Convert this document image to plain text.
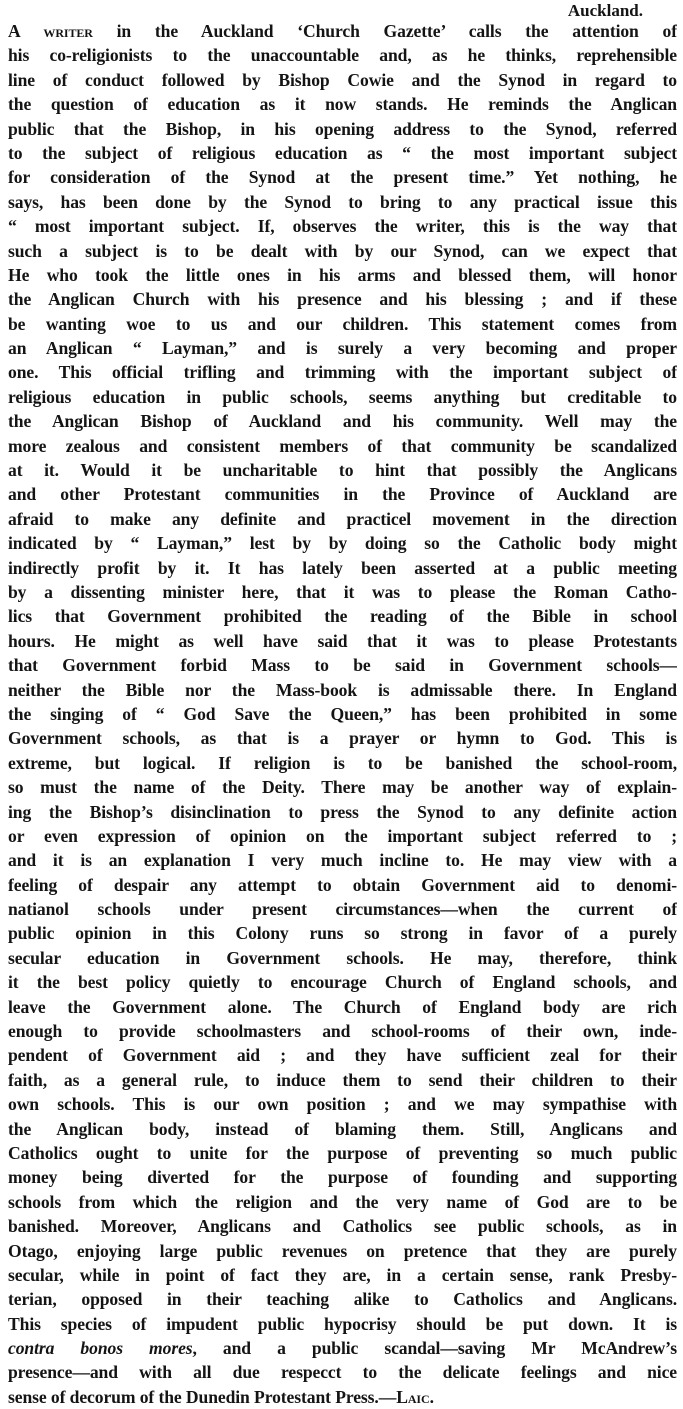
Auckland.
A writer in the Auckland ‘Church Gazette’ calls the attention of
his co-religionists to the unaccountable and, as he thinks, reprehensible
line of conduct followed by Bishop Cowie and the Synod in regard to
the question of education as it now stands. He reminds the Anglican
public that the Bishop, in his opening address to the Synod, referred
to the subject of religious education as “ the most important subject
for consideration of the Synod at the present time.” Yet nothing, he
says, has been done by the Synod to bring to any practical issue this
“ most important subject. If, observes the writer, this is the way that
such a subject is to be dealt with by our Synod, can we expect that
He who took the little ones in his arms and blessed them, will honor
the Anglican Church with his presence and his blessing ; and if these
be wanting woe to us and our children. This statement comes from
an Anglican “ Layman,” and is surely a very becoming and proper
one. This official trifling and trimming with the important subject of
religious education in public schools, seems anything but creditable to
the Anglican Bishop of Auckland and his community. Well may the
more zealous and consistent members of that community be scandalized
at it. Would it be uncharitable to hint that possibly the Anglicans
and other Protestant communities in the Province of Auckland are
afraid to make any definite and practicel movement in the direction
indicated by “ Layman,” lest by by doing so the Catholic body might
indirectly profit by it. It has lately been asserted at a public meeting
by a dissenting minister here, that it was to please the Roman Catho-
lics that Government prohibited the reading of the Bible in school
hours. He might as well have said that it was to please Protestants
that Government forbid Mass to be said in Government schools—
neither the Bible nor the Mass-book is admissable there. In England
the singing of “ God Save the Queen,” has been prohibited in some
Government schools, as that is a prayer or hymn to God. This is
extreme, but logical. If religion is to be banished the school-room,
so must the name of the Deity. There may be another way of explain-
ing the Bishop’s disinclination to press the Synod to any definite action
or even expression of opinion on the important subject referred to ;
and it is an explanation I very much incline to. He may view with a
feeling of despair any attempt to obtain Government aid to denomi-
natianol schools under present circumstances—when the current of
public opinion in this Colony runs so strong in favor of a purely
secular education in Government schools. He may, therefore, think
it the best policy quietly to encourage Church of England schools, and
leave the Government alone. The Church of England body are rich
enough to provide schoolmasters and school-rooms of their own, inde-
pendent of Government aid ; and they have sufficient zeal for their
faith, as a general rule, to induce them to send their children to their
own schools. This is our own position ; and we may sympathise with
the Anglican body, instead of blaming them. Still, Anglicans and
Catholics ought to unite for the purpose of preventing so much public
money being diverted for the purpose of founding and supporting
schools from which the religion and the very name of God are to be
banished. Moreover, Anglicans and Catholics see public schools, as in
Otago, enjoying large public revenues on pretence that they are purely
secular, while in point of fact they are, in a certain sense, rank Presby-
terian, opposed in their teaching alike to Catholics and Anglicans.
This species of impudent public hypocrisy should be put down. It is
contra bonos mores, and a public scandal—saving Mr McAndrew’s
presence—and with all due respecct to the delicate feelings and nice
sense of decorum of the Dunedin Protestant Press.—Laic.
